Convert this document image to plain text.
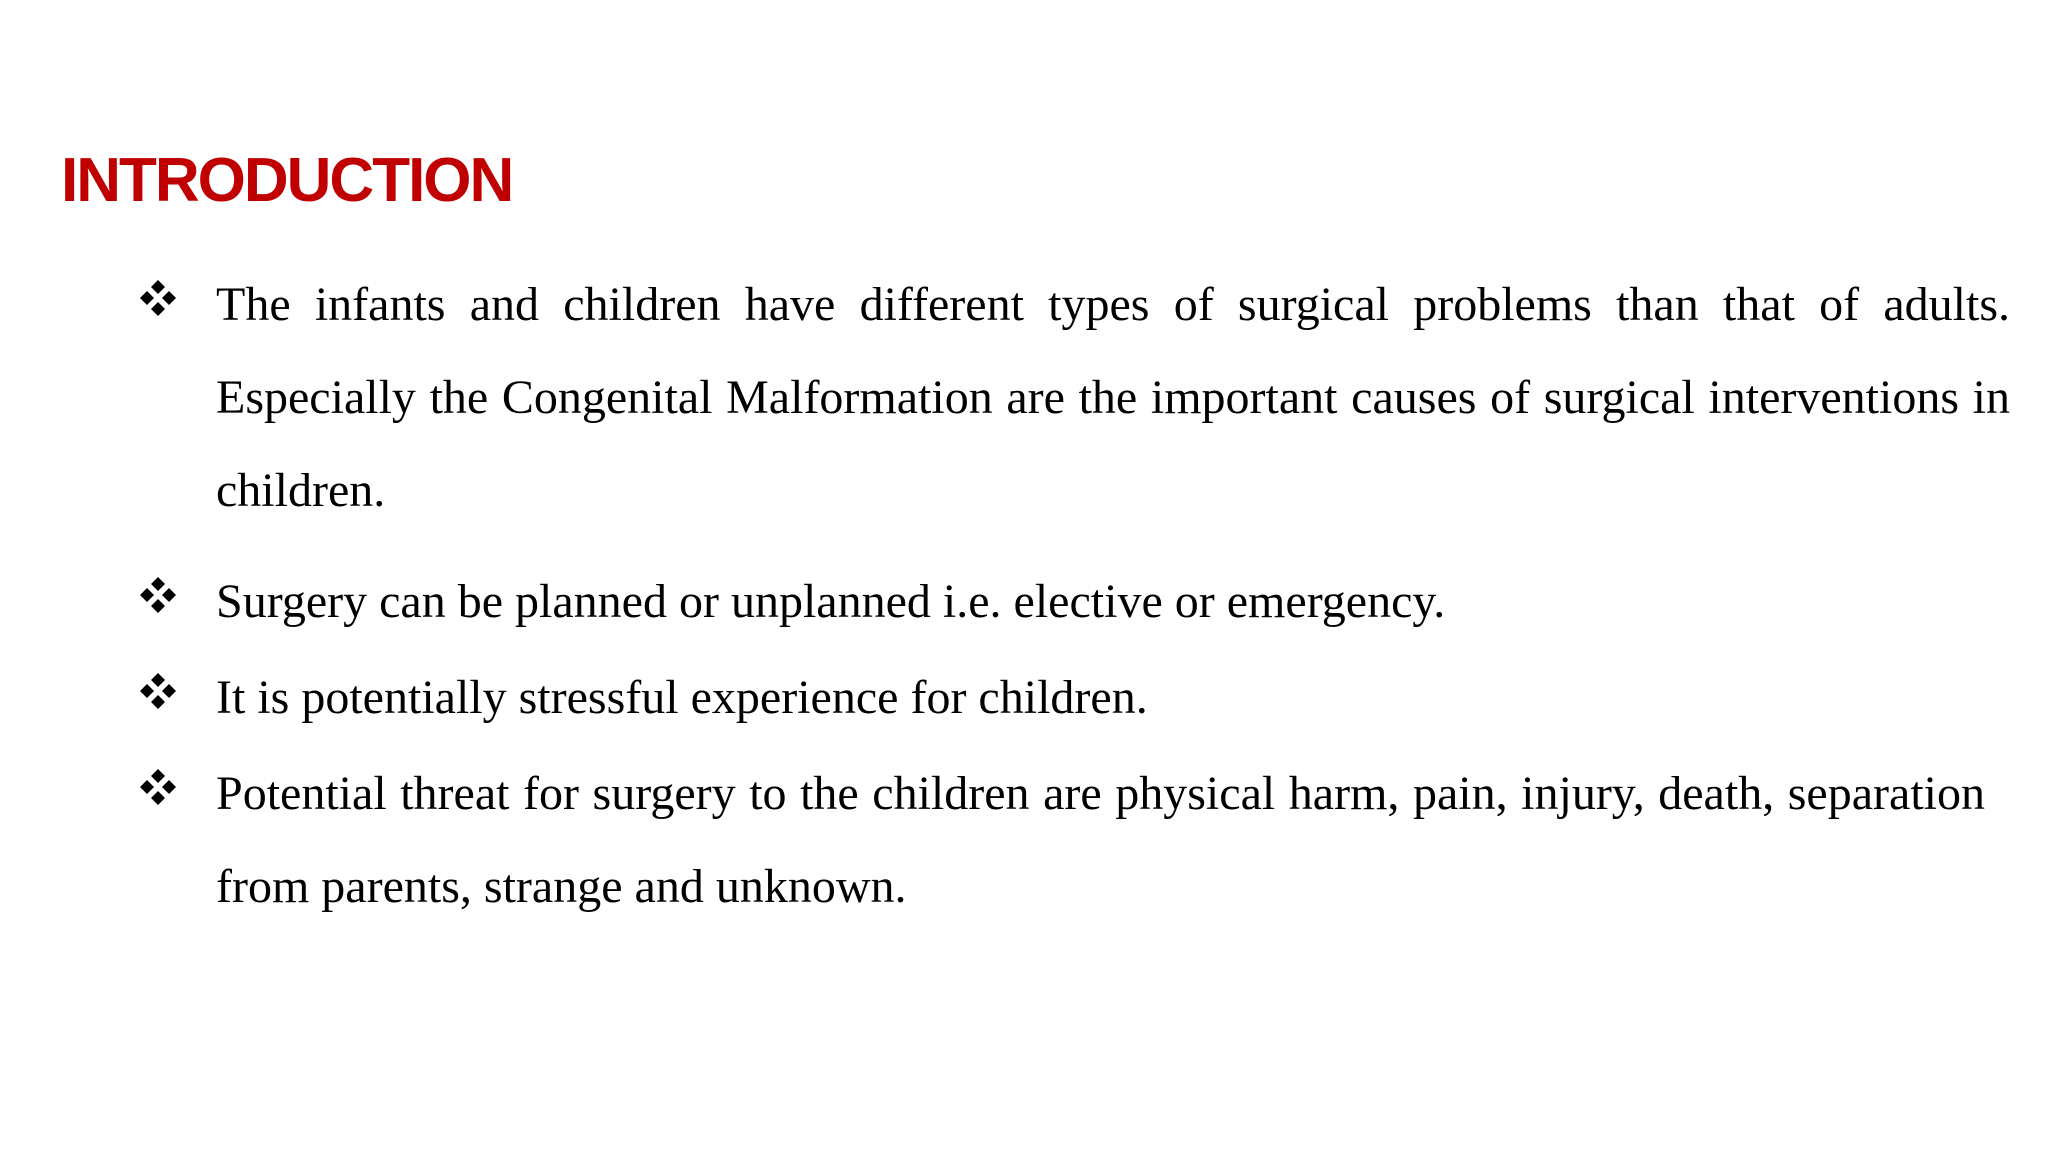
INTRODUCTION
The infants and children have different types of surgical problems than that of adults. Especially the Congenital Malformation are the important causes of surgical interventions in children.
Surgery can be planned or unplanned i.e. elective or emergency.
It is potentially stressful experience for children.
Potential threat for surgery to the children are physical harm, pain, injury, death, separation from parents, strange and unknown.
